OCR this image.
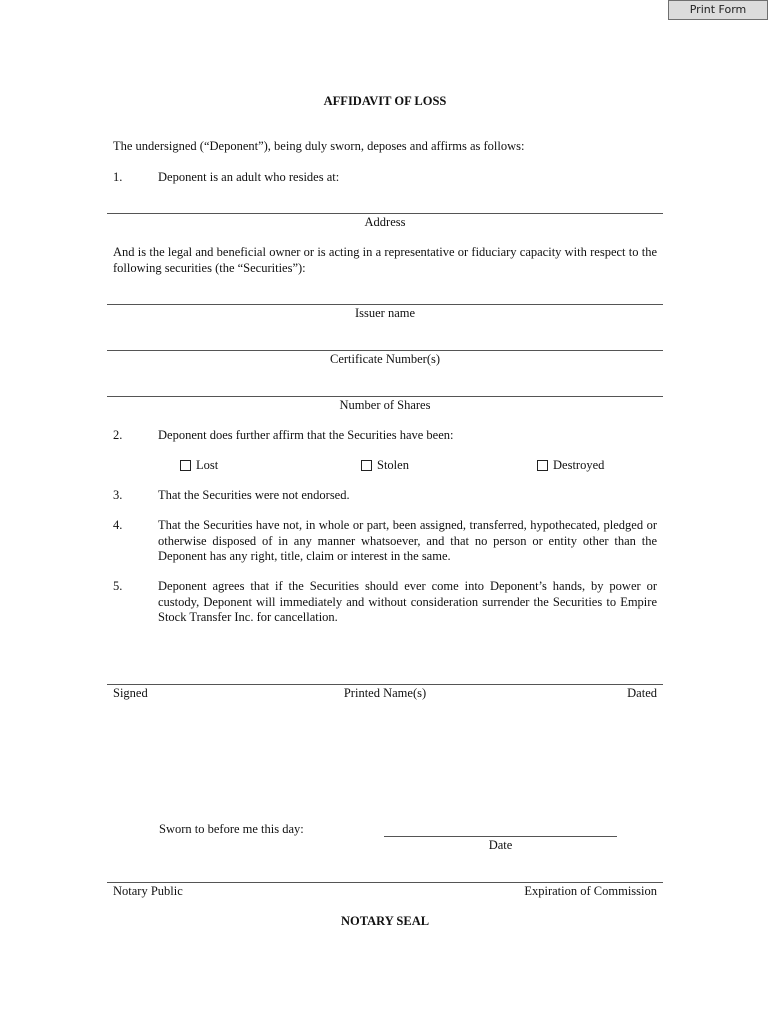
Print Form
AFFIDAVIT OF LOSS
The undersigned (“Deponent”), being duly sworn, deposes and affirms as follows:
1.	Deponent is an adult who resides at:
Address
And is the legal and beneficial owner or is acting in a representative or fiduciary capacity with respect to the following securities (the “Securities”):
Issuer name
Certificate Number(s)
Number of Shares
2.	Deponent does further affirm that the Securities have been:
Lost	Stolen	Destroyed
3.	That the Securities were not endorsed.
4.	That the Securities have not, in whole or part, been assigned, transferred, hypothecated, pledged or otherwise disposed of in any manner whatsoever, and that no person or entity other than the Deponent has any right, title, claim or interest in the same.
5.	Deponent agrees that if the Securities should ever come into Deponent’s hands, by power or custody, Deponent will immediately and without consideration surrender the Securities to Empire Stock Transfer Inc. for cancellation.
Signed	Printed Name(s)	Dated
Sworn to before me this day:
Date
Notary Public	Expiration of Commission
NOTARY SEAL
